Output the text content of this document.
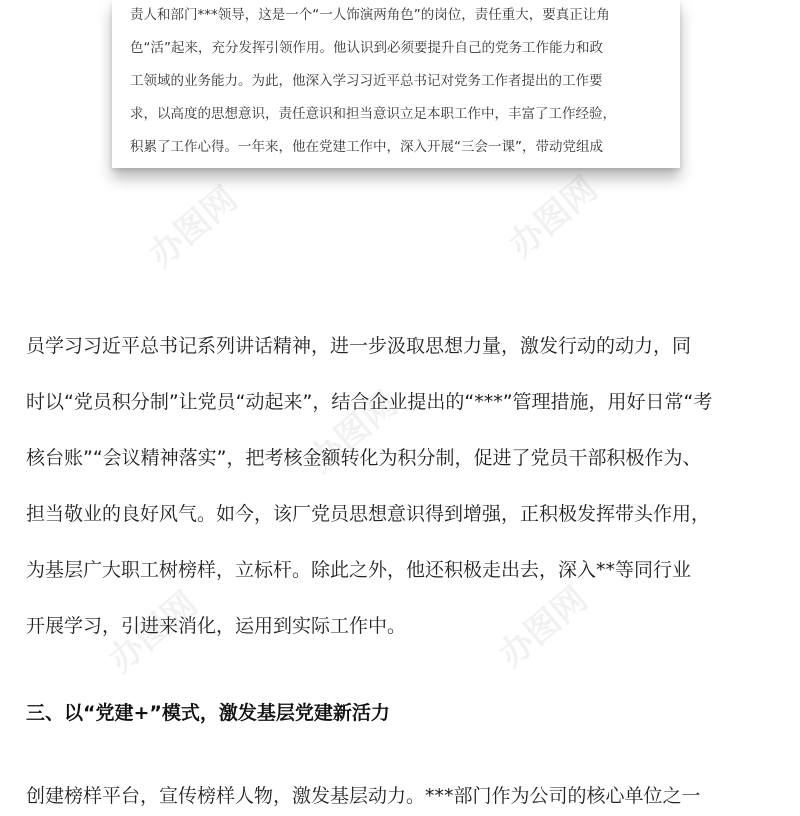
办图网	办图网
办图网
办图网	办图网
责人和部门***领导，这是一个“一人饰演两角色”的岗位，责任重大，要真正让角
色“活”起来，充分发挥引领作用。他认识到必须要提升自己的党务工作能力和政
工领域的业务能力。为此，他深入学习习近平总书记对党务工作者提出的工作要
求，以高度的思想意识，责任意识和担当意识立足本职工作中，丰富了工作经验，
积累了工作心得。一年来，他在党建工作中，深入开展“三会一课”，带动党组成
员学习习近平总书记系列讲话精神，进一步汲取思想力量，激发行动的动力，同
时以“党员积分制”让党员“动起来”，结合企业提出的“***”管理措施，用好日常“考
核台账”“会议精神落实”，把考核金额转化为积分制，促进了党员干部积极作为、
担当敬业的良好风气。如今，该厂党员思想意识得到增强，正积极发挥带头作用，
为基层广大职工树榜样，立标杆。除此之外，他还积极走出去，深入**等同行业
开展学习，引进来消化，运用到实际工作中。
三、以“党建+”模式，激发基层党建新活力
创建榜样平台，宣传榜样人物，激发基层动力。***部门作为公司的核心单位之一
